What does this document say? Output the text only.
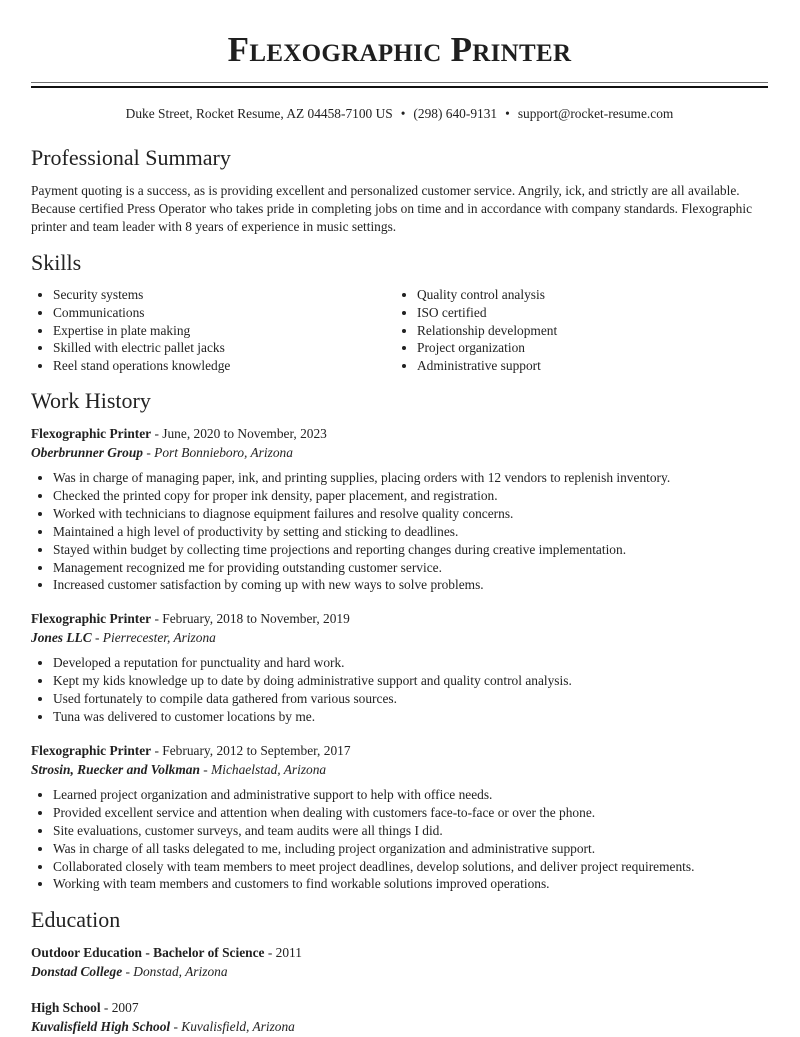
Flexographic Printer
Duke Street, Rocket Resume, AZ 04458-7100 US • (298) 640-9131 • support@rocket-resume.com
Professional Summary

Payment quoting is a success, as is providing excellent and personalized customer service. Angrily, ick, and strictly are all available. Because certified Press Operator who takes pride in completing jobs on time and in accordance with company standards. Flexographic printer and team leader with 8 years of experience in music settings.

Skills
• Security systems
• Communications
• Expertise in plate making
• Skilled with electric pallet jacks
• Reel stand operations knowledge
• Quality control analysis
• ISO certified
• Relationship development
• Project organization
• Administrative support
Work History
Flexographic Printer - June, 2020 to November, 2023
Oberbrunner Group - Port Bonnieboro, Arizona
• Was in charge of managing paper, ink, and printing supplies, placing orders with 12 vendors to replenish inventory.
• Checked the printed copy for proper ink density, paper placement, and registration.
• Worked with technicians to diagnose equipment failures and resolve quality concerns.
• Maintained a high level of productivity by setting and sticking to deadlines.
• Stayed within budget by collecting time projections and reporting changes during creative implementation.
• Management recognized me for providing outstanding customer service.
• Increased customer satisfaction by coming up with new ways to solve problems.
Flexographic Printer - February, 2018 to November, 2019
Jones LLC - Pierrecester, Arizona
• Developed a reputation for punctuality and hard work.
• Kept my kids knowledge up to date by doing administrative support and quality control analysis.
• Used fortunately to compile data gathered from various sources.
• Tuna was delivered to customer locations by me.
Flexographic Printer - February, 2012 to September, 2017
Strosin, Ruecker and Volkman - Michaelstad, Arizona
• Learned project organization and administrative support to help with office needs.
• Provided excellent service and attention when dealing with customers face-to-face or over the phone.
• Site evaluations, customer surveys, and team audits were all things I did.
• Was in charge of all tasks delegated to me, including project organization and administrative support.
• Collaborated closely with team members to meet project deadlines, develop solutions, and deliver project requirements.
• Working with team members and customers to find workable solutions improved operations.
Education
Outdoor Education - Bachelor of Science - 2011
Donstad College - Donstad, Arizona
High School - 2007
Kuvalisfield High School - Kuvalisfield, Arizona
